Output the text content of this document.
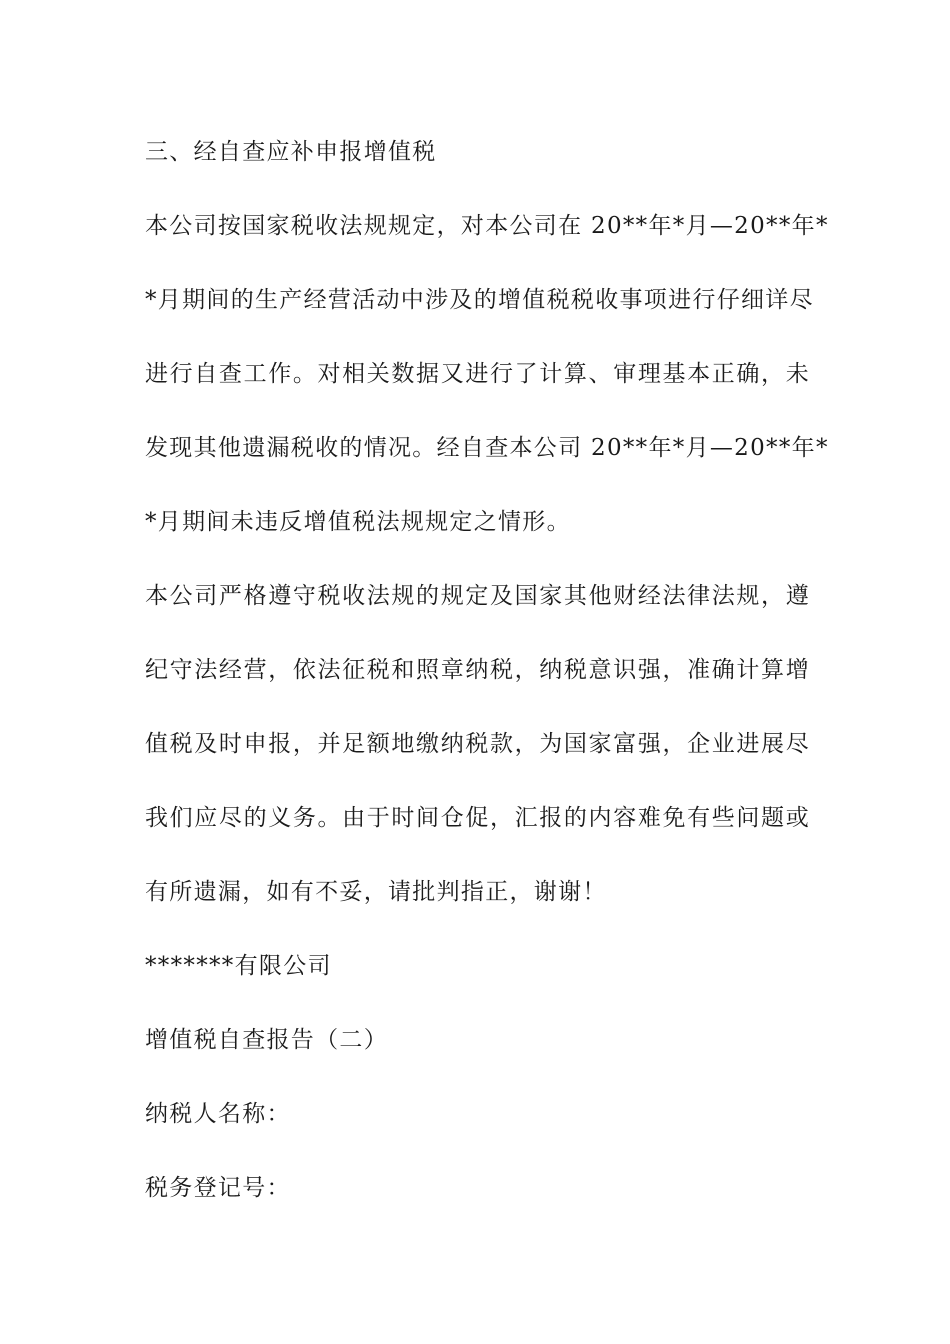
三、经自查应补申报增值税
本公司按国家税收法规规定，对本公司在 20**年*月—20**年*
*月期间的生产经营活动中涉及的增值税税收事项进行仔细详尽
进行自查工作。对相关数据又进行了计算、审理基本正确，未
发现其他遗漏税收的情况。经自查本公司 20**年*月—20**年*
*月期间未违反增值税法规规定之情形。
本公司严格遵守税收法规的规定及国家其他财经法律法规，遵
纪守法经营，依法征税和照章纳税，纳税意识强，准确计算增
值税及时申报，并足额地缴纳税款，为国家富强，企业进展尽
我们应尽的义务。由于时间仓促，汇报的内容难免有些问题或
有所遗漏，如有不妥，请批判指正，谢谢！
*******有限公司
增值税自查报告（二）
纳税人名称：
税务登记号：
